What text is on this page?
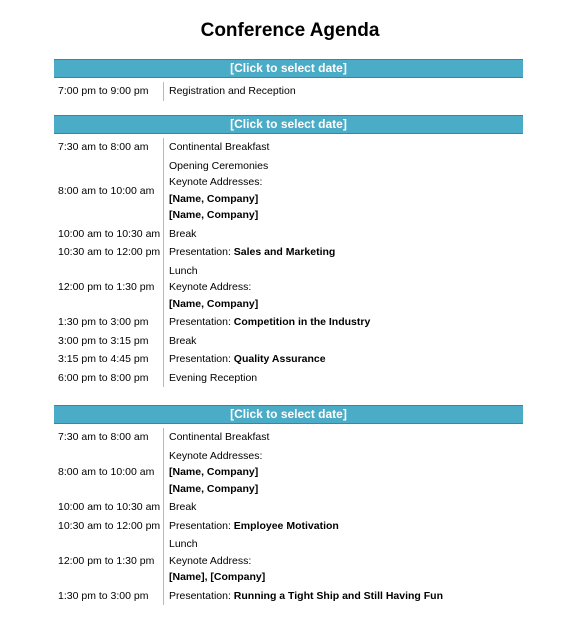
Conference Agenda
[Click to select date]
7:00 pm to 9:00 pm	Registration and Reception
[Click to select date]
7:30 am to 8:00 am	Continental Breakfast
8:00 am to 10:00 am
Opening Ceremonies
Keynote Addresses:
[Name, Company]
[Name, Company]
10:00 am to 10:30 am Break
10:30 am to 12:00 pm Presentation: Sales and Marketing
12:00 pm to 1:30 pm
Lunch
Keynote Address:
[Name, Company]
1:30 pm to 3:00 pm	Presentation: Competition in the Industry
3:00 pm to 3:15 pm	Break
3:15 pm to 4:45 pm	Presentation: Quality Assurance
6:00 pm to 8:00 pm	Evening Reception
[Click to select date]
7:30 am to 8:00 am	Continental Breakfast
8:00 am to 10:00 am
Keynote Addresses:
[Name, Company]
[Name, Company]
10:00 am to 10:30 am Break
10:30 am to 12:00 pm Presentation: Employee Motivation
12:00 pm to 1:30 pm
Lunch
Keynote Address:
[Name], [Company]
1:30 pm to 3:00 pm	Presentation: Running a Tight Ship and Still Having Fun
